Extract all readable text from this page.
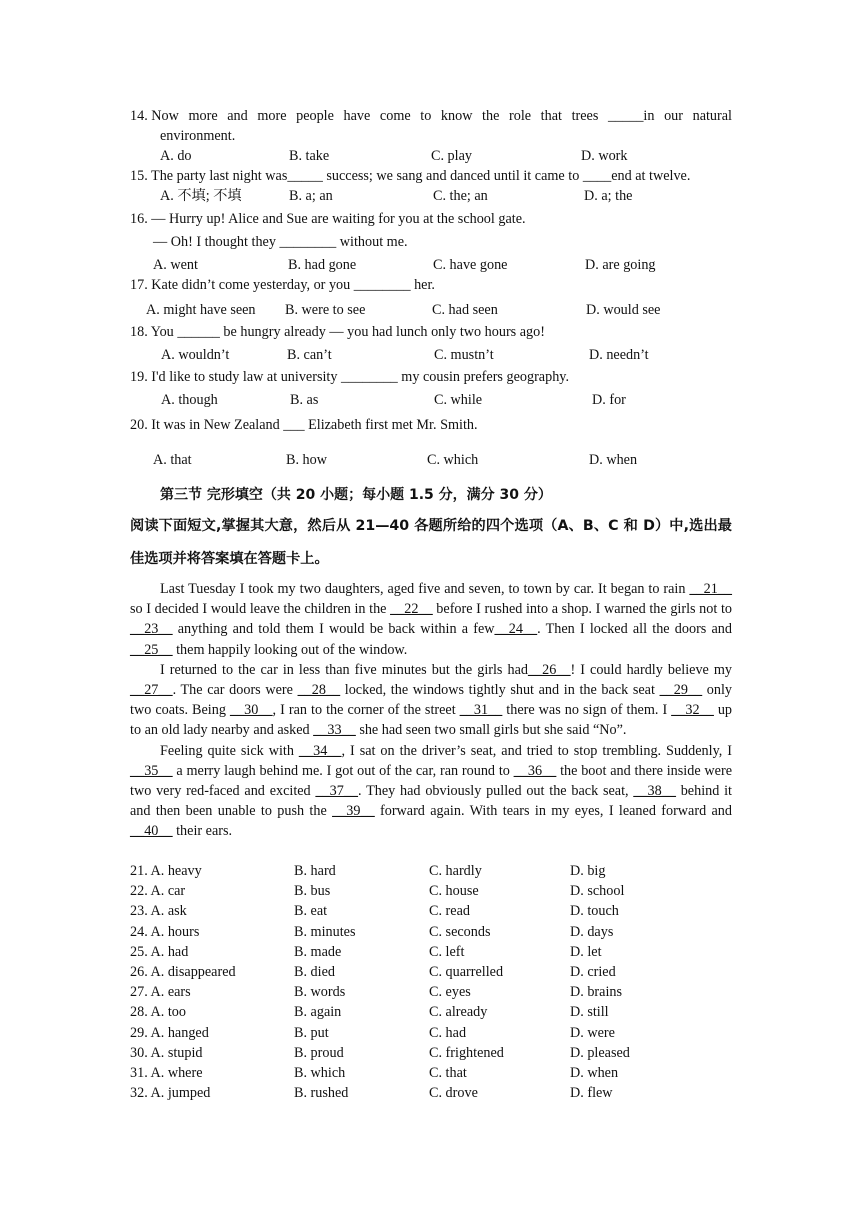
14.
Now more and more people have come to know the role that trees _____in our natural
environment.
A. do	B. take	C. play	D. work
15. The party last night was_____ success; we sang and danced until it came to ____end at twelve.
A. 不填; 不填	B. a; an	C. the; an	D. a; the
16. — Hurry up! Alice and Sue are waiting for you at the school gate.
— Oh! I thought they ________ without me.
A. went	B. had gone	C. have gone	D. are going
17. Kate didn’t come yesterday, or you ________ her.
A. might have seen B. were to see	C. had seen	D. would see
18. You ______ be hungry already — you had lunch only two hours ago!
A. wouldn’t	B. can’t	C. mustn’t	D. needn’t
19. I'd like to study law at university ________ my cousin prefers geography.
A. though	B. as	C. while	D. for
20. It was in New Zealand ___ Elizabeth first met Mr. Smith.
A. that	B. how	C. which	D. when
第三节 完形填空（共 20 小题；每小题 1.5 分，满分 30 分）
阅读下面短文,掌握其大意，然后从 21—40 各题所给的四个选项（A、B、C 和 D）中,选出最佳选项并将答案填在答题卡上。
Last Tuesday I took my two daughters, aged five and seven, to town by car. It began to rain __21__ so I decided I would leave the children in the __22__ before I rushed into a shop. I warned the girls not to __23__ anything and told them I would be back within a few__24__. Then I locked all the doors and __25__ them happily looking out of the window.
I returned to the car in less than five minutes but the girls had__26__! I could hardly believe my __27__. The car doors were __28__ locked, the windows tightly shut and in the back seat __29__ only two coats. Being __30__, I ran to the corner of the street __31__ there was no sign of them. I __32__ up to an old lady nearby and asked __33__ she had seen two small girls but she said “No”.
Feeling quite sick with __34__, I sat on the driver’s seat, and tried to stop trembling. Suddenly, I __35__ a merry laugh behind me. I got out of the car, ran round to __36__ the boot and there inside were two very red-faced and excited __37__. They had obviously pulled out the back seat, __38__ behind it and then been unable to push the __39__ forward again. With tears in my eyes, I leaned forward and __40__ their ears.
21. A. heavy	B. hard	C. hardly	D. big
22. A. car	B. bus	C. house	D. school
23. A. ask	B. eat	C. read	D. touch
24. A. hours	B. minutes	C. seconds	D. days
25. A. had	B. made	C. left	D. let
26. A. disappeared	B. died	C. quarrelled	D. cried
27. A. ears	B. words	C. eyes	D. brains
28. A. too	B. again	C. already	D. still
29. A. hanged	B. put	C. had	D. were
30. A. stupid	B. proud	C. frightened	D. pleased
31. A. where	B. which	C. that	D. when
32. A. jumped	B. rushed	C. drove	D. flew
